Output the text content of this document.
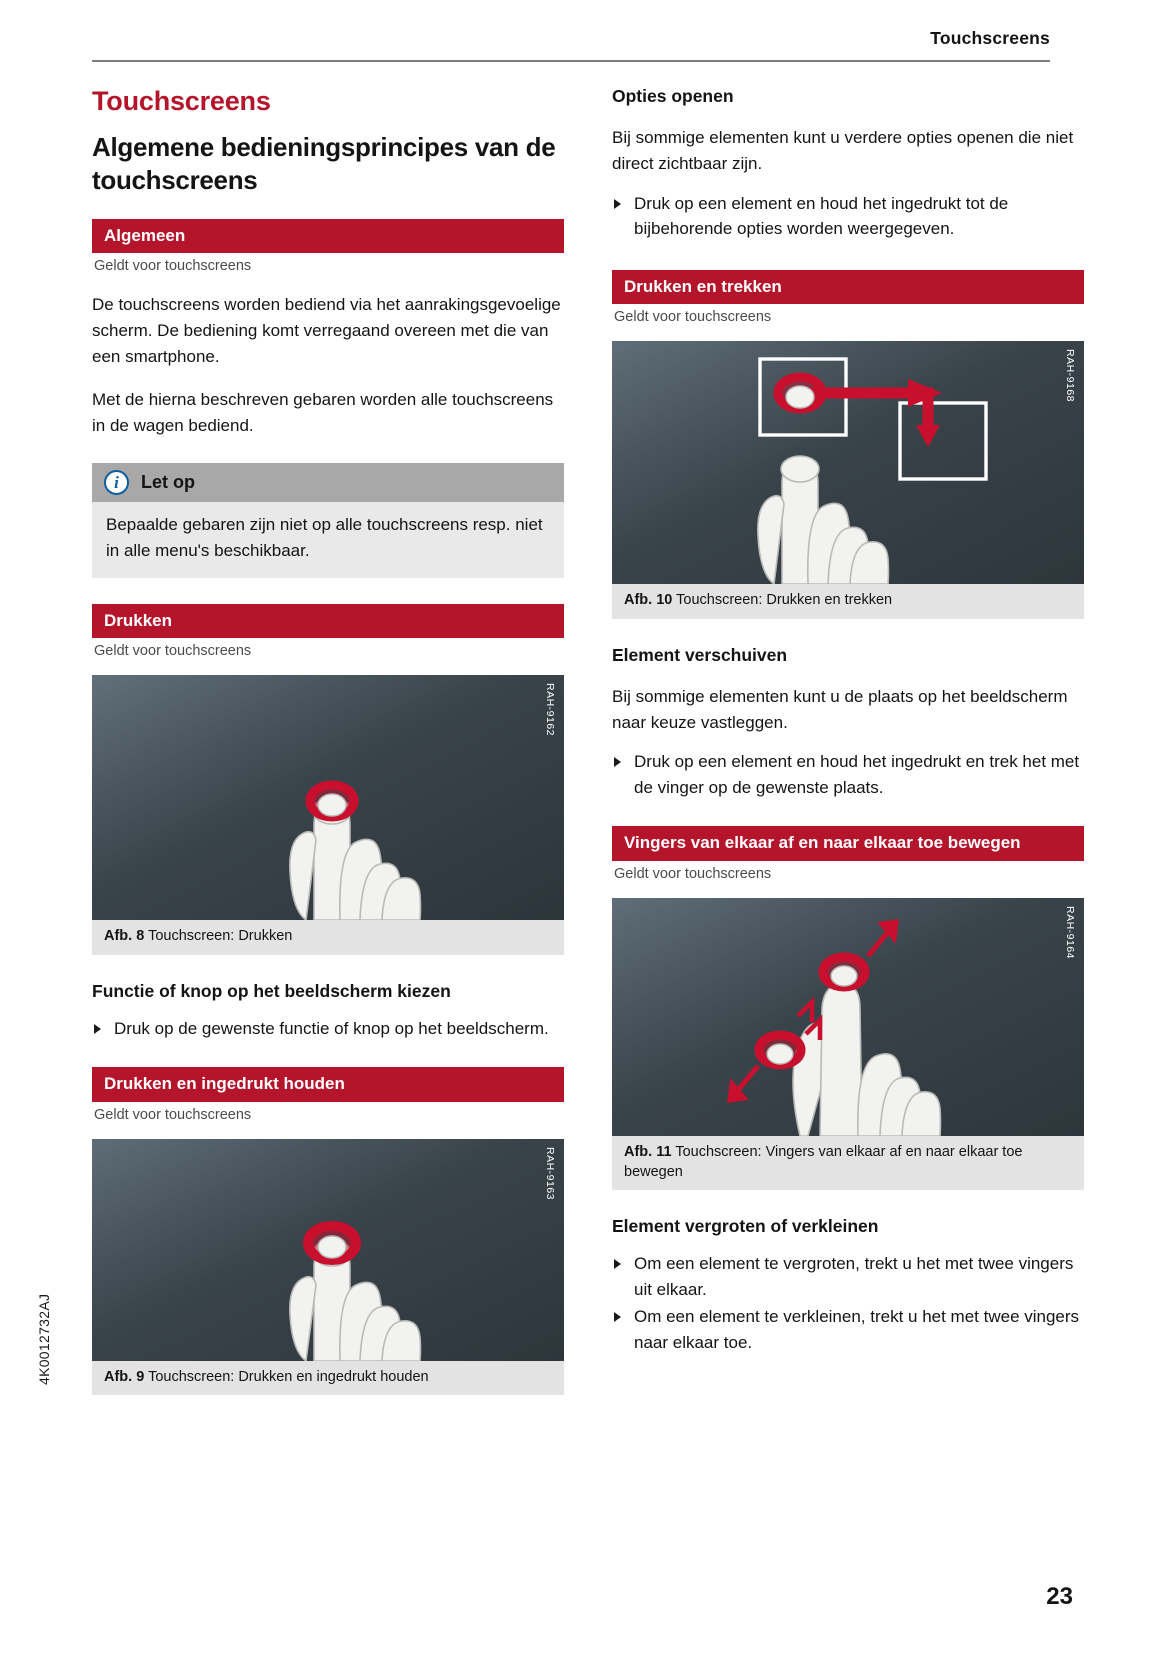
Touchscreens
4K0012732AJ
23
Touchscreens
Algemene bedieningsprincipes van de touchscreens
Algemeen
Geldt voor touchscreens

De touchscreens worden bediend via het aanrakingsgevoelige scherm. De bediening komt verregaand overeen met die van een smartphone.

Met de hierna beschreven gebaren worden alle touchscreens in de wagen bediend.

i	Let op
Bepaalde gebaren zijn niet op alle touchscreens resp. niet in alle menu's beschikbaar.
Drukken
Geldt voor touchscreens
RAH-9162
Afb. 8 Touchscreen: Drukken
Functie of knop op het beeldscherm kiezen
Druk op de gewenste functie of knop op het beeldscherm.
Drukken en ingedrukt houden
Geldt voor touchscreens
RAH-9163
Afb. 9 Touchscreen: Drukken en ingedrukt houden
Opties openen

Bij sommige elementen kunt u verdere opties openen die niet direct zichtbaar zijn.

Druk op een element en houd het ingedrukt tot de bijbehorende opties worden weergegeven.
Drukken en trekken
Geldt voor touchscreens
RAH-9168
Afb. 10 Touchscreen: Drukken en trekken
Element verschuiven

Bij sommige elementen kunt u de plaats op het beeldscherm naar keuze vastleggen.

Druk op een element en houd het ingedrukt en trek het met de vinger op de gewenste plaats.
Vingers van elkaar af en naar elkaar toe bewegen
Geldt voor touchscreens
RAH-9164
Afb. 11 Touchscreen: Vingers van elkaar af en naar elkaar toe bewegen
Element vergroten of verkleinen
Om een element te vergroten, trekt u het met twee vingers uit elkaar.
Om een element te verkleinen, trekt u het met twee vingers naar elkaar toe.
